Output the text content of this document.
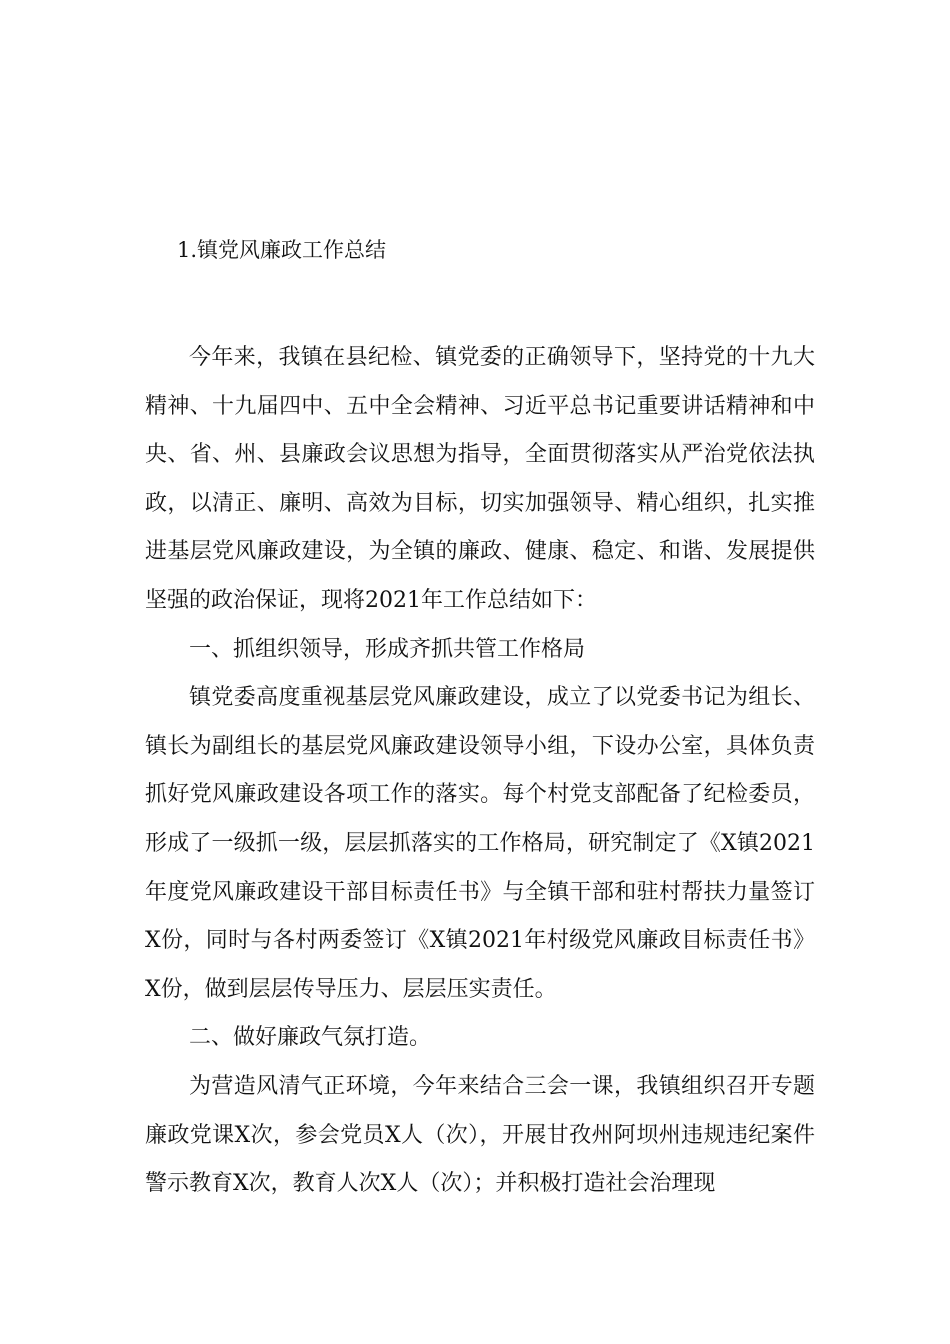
1.镇党风廉政工作总结

今年来，我镇在县纪检、镇党委的正确领导下，坚持党的十九大精神、十九届四中、五中全会精神、习近平总书记重要讲话精神和中央、省、州、县廉政会议思想为指导，全面贯彻落实从严治党依法执政，以清正、廉明、高效为目标，切实加强领导、精心组织，扎实推进基层党风廉政建设，为全镇的廉政、健康、稳定、和谐、发展提供坚强的政治保证，现将2021年工作总结如下：

一、抓组织领导，形成齐抓共管工作格局

镇党委高度重视基层党风廉政建设，成立了以党委书记为组长、镇长为副组长的基层党风廉政建设领导小组，下设办公室，具体负责抓好党风廉政建设各项工作的落实。每个村党支部配备了纪检委员，形成了一级抓一级，层层抓落实的工作格局，研究制定了《X镇2021年度党风廉政建设干部目标责任书》与全镇干部和驻村帮扶力量签订X份，同时与各村两委签订《X镇2021年村级党风廉政目标责任书》X份，做到层层传导压力、层层压实责任。

二、做好廉政气氛打造。

为营造风清气正环境，今年来结合三会一课，我镇组织召开专题廉政党课X次，参会党员X人（次），开展甘孜州阿坝州违规违纪案件警示教育X次，教育人次X人（次）；并积极打造社会治理现
